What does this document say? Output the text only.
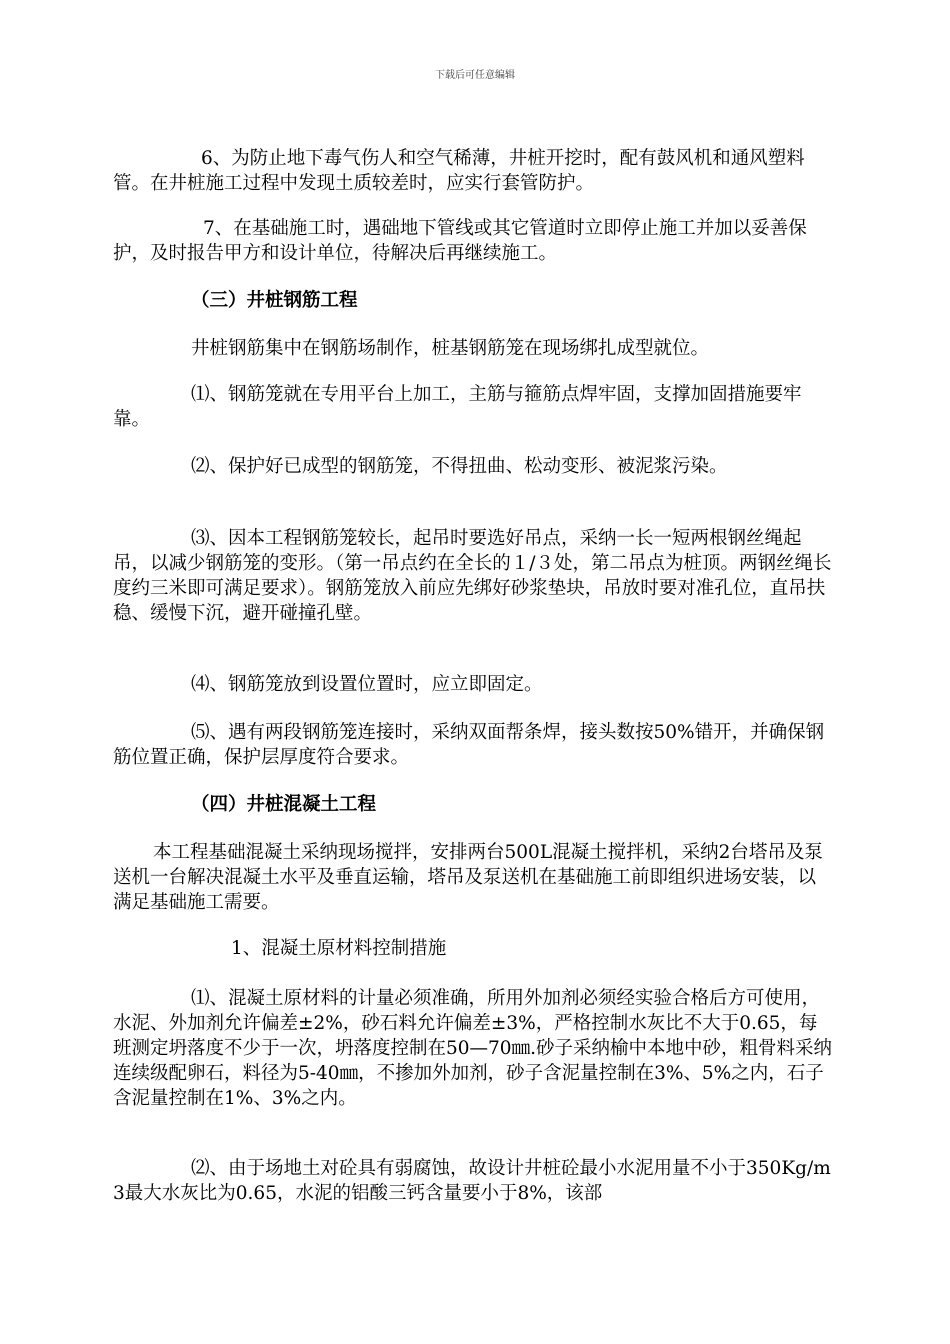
下载后可任意编辑

6、为防止地下毒气伤人和空气稀薄，井桩开挖时，配有鼓风机和通风塑料管。在井桩施工过程中发现土质较差时，应实行套管防护。

7、在基础施工时，遇础地下管线或其它管道时立即停止施工并加以妥善保护，及时报告甲方和设计单位，待解决后再继续施工。

（三）井桩钢筋工程

井桩钢筋集中在钢筋场制作，桩基钢筋笼在现场绑扎成型就位。

⑴、钢筋笼就在专用平台上加工，主筋与箍筋点焊牢固，支撑加固措施要牢靠。

⑵、保护好已成型的钢筋笼，不得扭曲、松动变形、被泥浆污染。

⑶、因本工程钢筋笼较长，起吊时要选好吊点，采纳一长一短两根钢丝绳起吊，以减少钢筋笼的变形。（第一吊点约在全长的１/３处，第二吊点为桩顶。两钢丝绳长度约三米即可满足要求）。钢筋笼放入前应先绑好砂浆垫块，吊放时要对准孔位，直吊扶稳、缓慢下沉，避开碰撞孔壁。

⑷、钢筋笼放到设置位置时，应立即固定。

⑸、遇有两段钢筋笼连接时，采纳双面帮条焊，接头数按50%错开，并确保钢筋位置正确，保护层厚度符合要求。

（四）井桩混凝土工程

本工程基础混凝土采纳现场搅拌，安排两台500L混凝土搅拌机，采纳2台塔吊及泵送机一台解决混凝土水平及垂直运输，塔吊及泵送机在基础施工前即组织进场安装，以满足基础施工需要。

1、混凝土原材料控制措施

⑴、混凝土原材料的计量必须准确，所用外加剂必须经实验合格后方可使用，水泥、外加剂允许偏差±2%，砂石料允许偏差±3%，严格控制水灰比不大于0.65，每班测定坍落度不少于一次，坍落度控制在50—70㎜.砂子采纳榆中本地中砂，粗骨料采纳连续级配卵石，料径为5-40㎜，不掺加外加剂，砂子含泥量控制在3%、5%之内，石子含泥量控制在1%、3%之内。

⑵、由于场地土对砼具有弱腐蚀，故设计井桩砼最小水泥用量不小于350Kg/m3最大水灰比为0.65，水泥的铝酸三钙含量要小于8%，该部
